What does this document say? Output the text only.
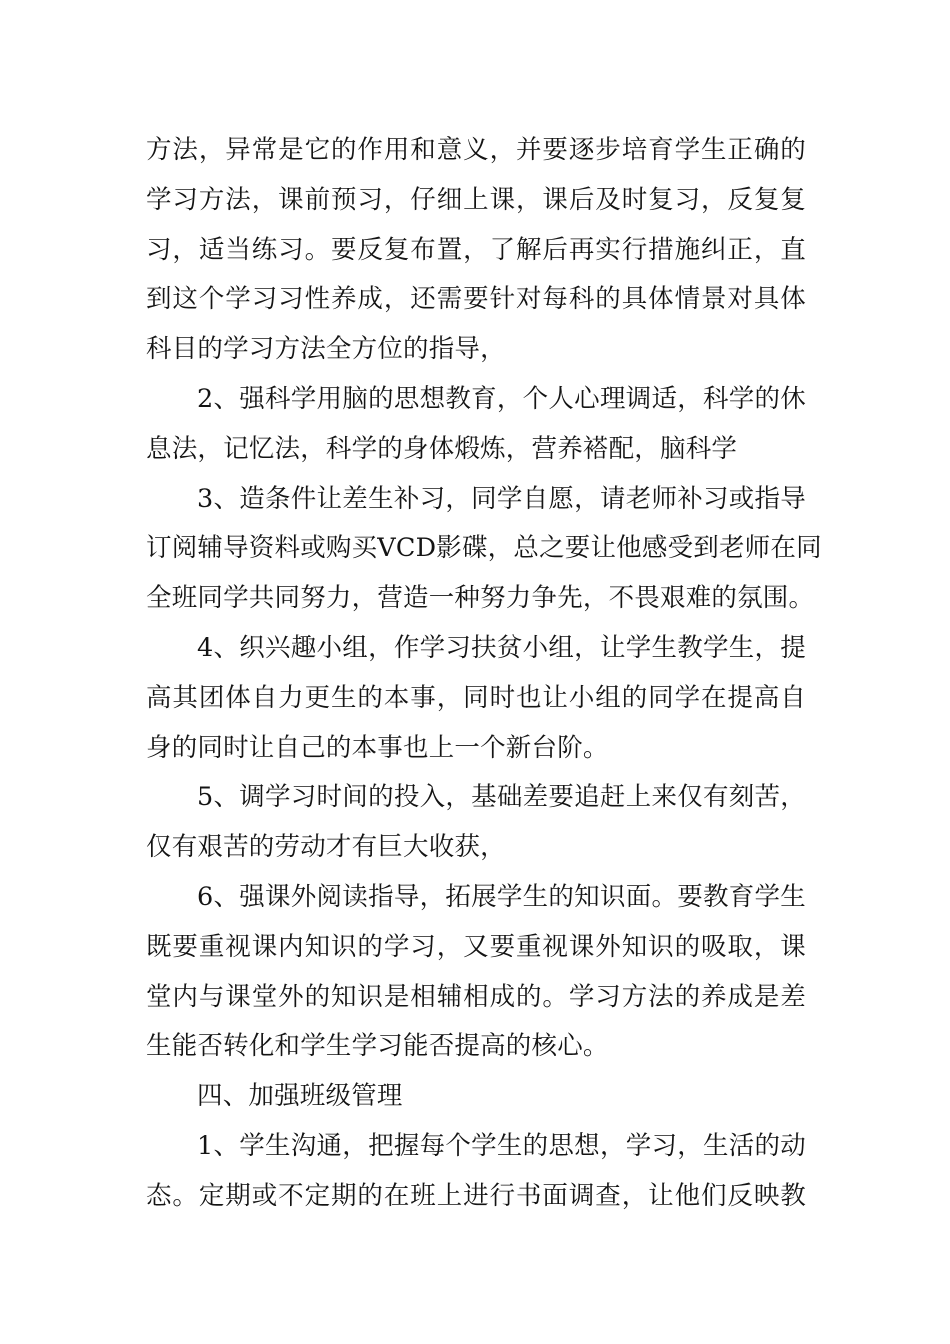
方法，异常是它的作用和意义，并要逐步培育学生正确的
学习方法，课前预习，仔细上课，课后及时复习，反复复
习，适当练习。要反复布置，了解后再实行措施纠正，直
到这个学习习性养成，还需要针对每科的具体情景对具体
科目的学习方法全方位的指导，
2、强科学用脑的思想教育，个人心理调适，科学的休
息法，记忆法，科学的身体煅炼，营养褡配，脑科学
3、造条件让差生补习，同学自愿，请老师补习或指导
订阅辅导资料或购买VCD影碟，总之要让他感受到老师在同
全班同学共同努力，营造一种努力争先，不畏艰难的氛围。
4、织兴趣小组，作学习扶贫小组，让学生教学生，提
高其团体自力更生的本事，同时也让小组的同学在提高自
身的同时让自己的本事也上一个新台阶。
5、调学习时间的投入，基础差要追赶上来仅有刻苦，
仅有艰苦的劳动才有巨大收获，
6、强课外阅读指导，拓展学生的知识面。要教育学生
既要重视课内知识的学习，又要重视课外知识的吸取，课
堂内与课堂外的知识是相辅相成的。学习方法的养成是差
生能否转化和学生学习能否提高的核心。
四、加强班级管理
1、学生沟通，把握每个学生的思想，学习，生活的动
态。定期或不定期的在班上进行书面调查，让他们反映教
